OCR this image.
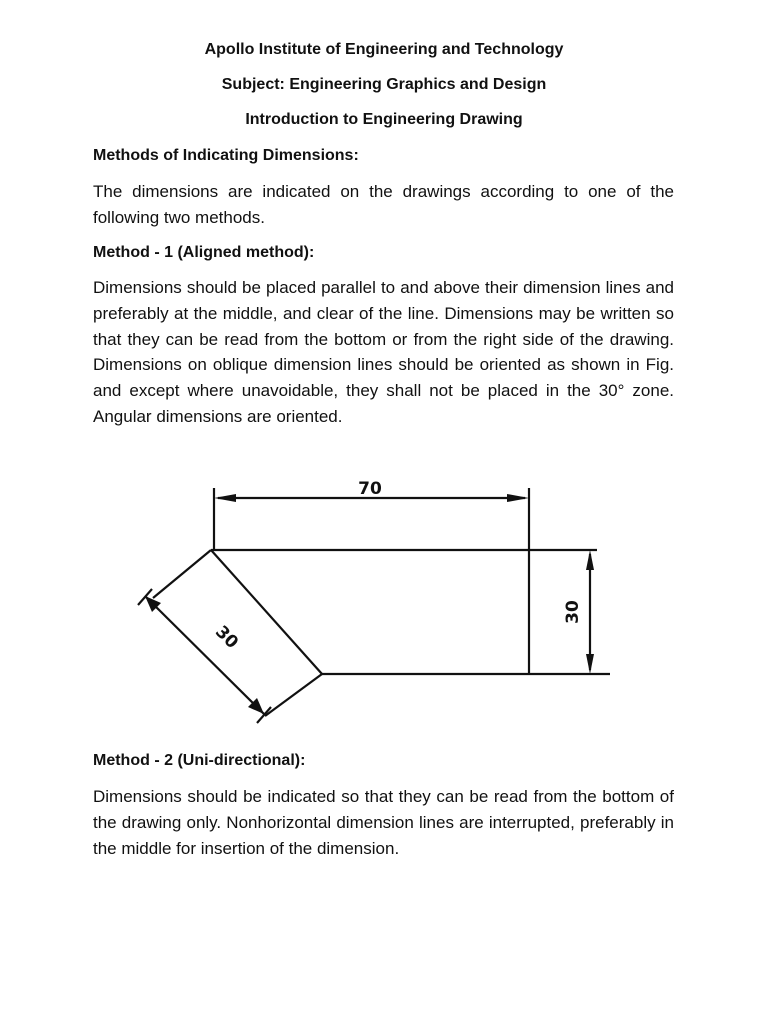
Apollo Institute of Engineering and Technology
Subject: Engineering Graphics and Design
Introduction to Engineering Drawing
Methods of Indicating Dimensions:
The dimensions are indicated on the drawings according to one of the following two methods.
Method - 1 (Aligned method):
Dimensions should be placed parallel to and above their dimension lines and preferably at the middle, and clear of the line. Dimensions may be written so that they can be read from the bottom or from the right side of the drawing. Dimensions on oblique dimension lines should be oriented as shown in Fig. and except where unavoidable, they shall not be placed in the 30° zone. Angular dimensions are oriented.
70
30
30
Method - 2 (Uni-directional):
Dimensions should be indicated so that they can be read from the bottom of the drawing only. Nonhorizontal dimension lines are interrupted, preferably in the middle for insertion of the dimension.
